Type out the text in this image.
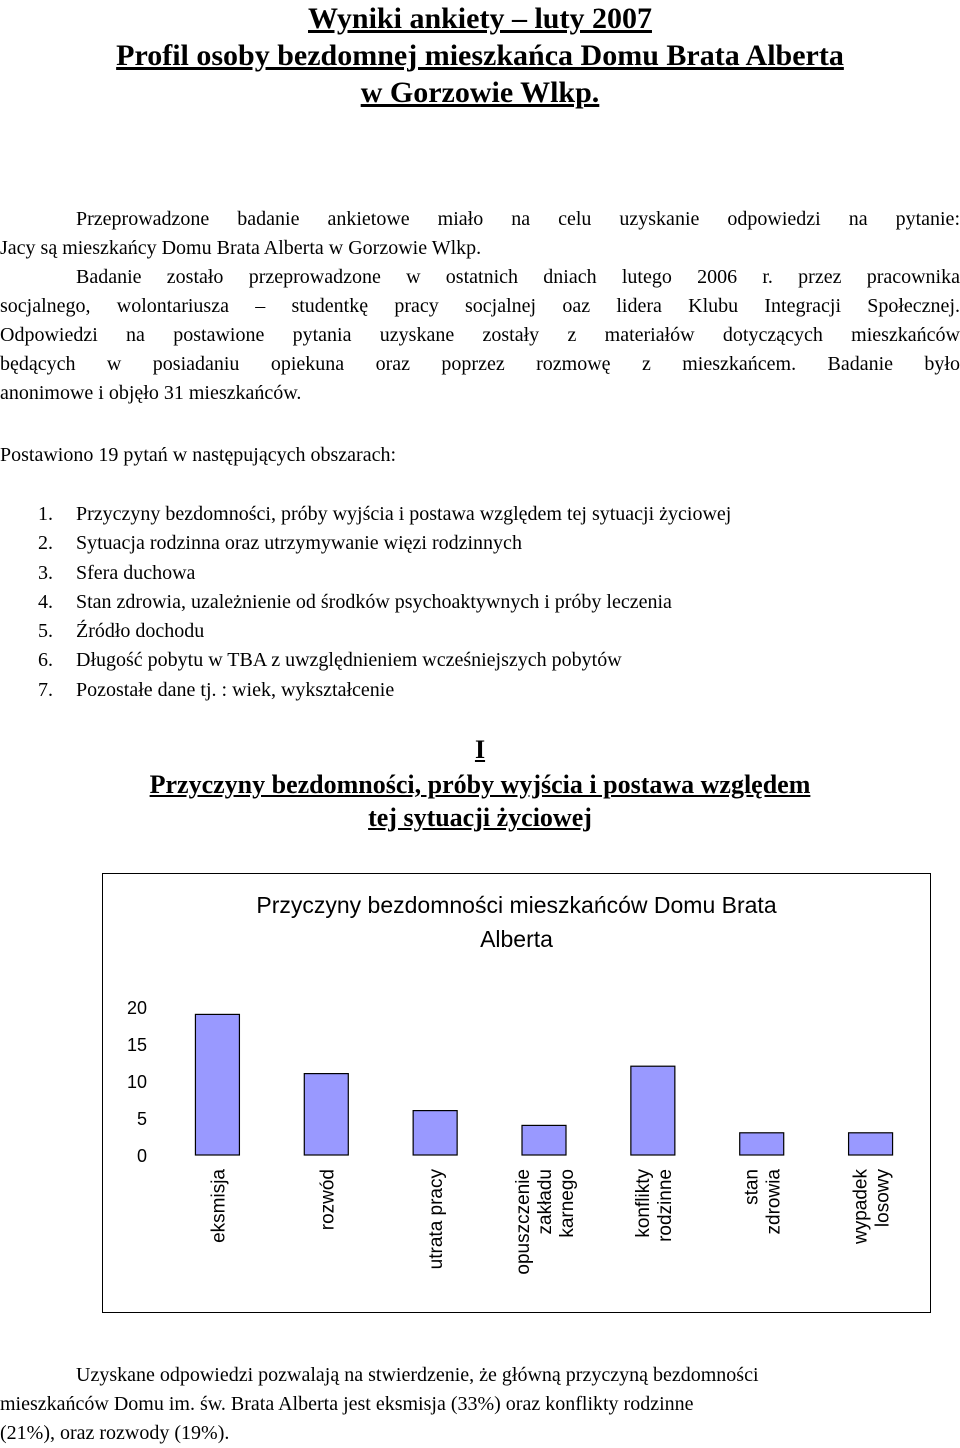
Wyniki ankiety – luty 2007
Profil osoby bezdomnej mieszkańca Domu Brata Alberta
w Gorzowie Wlkp.
Przeprowadzone badanie ankietowe miało na celu uzyskanie odpowiedzi na pytanie:
Jacy są mieszkańcy Domu Brata Alberta w Gorzowie Wlkp.
Badanie zostało przeprowadzone w ostatnich dniach lutego 2006 r. przez pracownika
socjalnego, wolontariusza – studentkę pracy socjalnej oaz lidera Klubu Integracji Społecznej.
Odpowiedzi na postawione pytania uzyskane zostały z materiałów dotyczących mieszkańców
będących w posiadaniu opiekuna oraz poprzez rozmowę z mieszkańcem. Badanie było
anonimowe i objęło 31 mieszkańców.
Postawiono 19 pytań w następujących obszarach:
1.	Przyczyny bezdomności, próby wyjścia i postawa względem tej sytuacji życiowej
2.	Sytuacja rodzinna oraz utrzymywanie więzi rodzinnych
3.	Sfera duchowa
4.	Stan zdrowia, uzależnienie od środków psychoaktywnych i próby leczenia
5.	Źródło dochodu
6.	Długość pobytu w TBA z uwzględnieniem wcześniejszych pobytów
7.	Pozostałe dane tj. : wiek, wykształcenie
I
Przyczyny bezdomności, próby wyjścia i postawa względem
tej sytuacji życiowej
Przyczyny bezdomności mieszkańców Domu Brata
Alberta
0
5
10
15
20
eksmisja	rozwód	utrata pracy	opuszczeniezakładukarnego	konfliktyrodzinne	stanzdrowia	wypadeklosowy
Uzyskane odpowiedzi pozwalają na stwierdzenie, że główną przyczyną bezdomności
mieszkańców Domu im. św. Brata Alberta jest eksmisja (33%) oraz konflikty rodzinne
(21%), oraz rozwody (19%).
